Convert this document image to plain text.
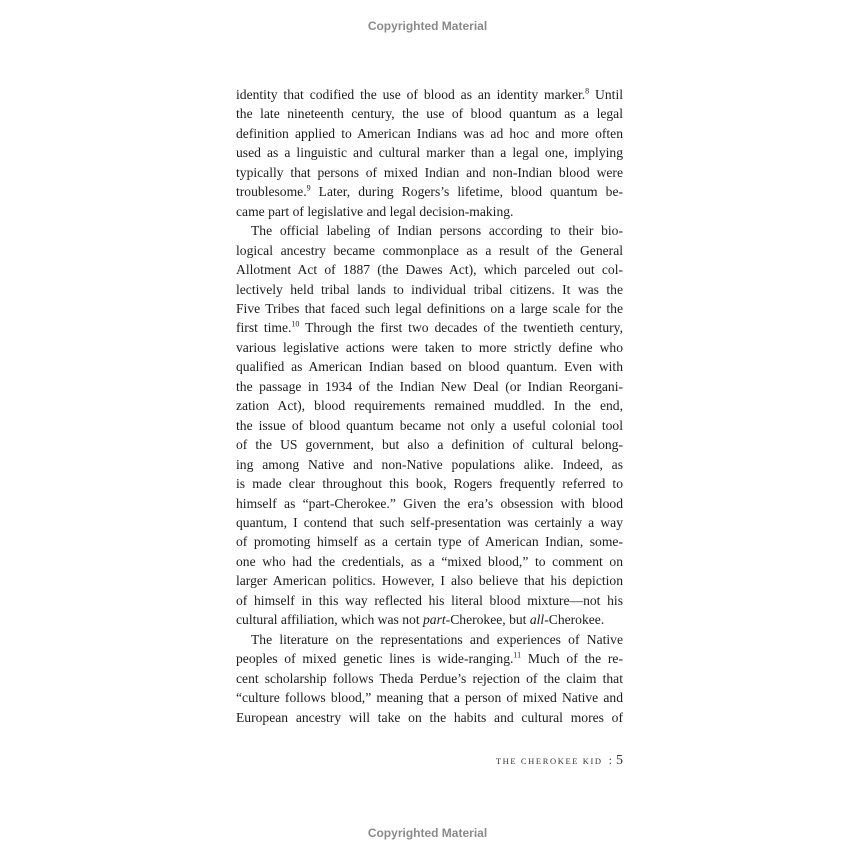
Copyrighted Material

identity that codified the use of blood as an identity marker.$^8$ Until
the late nineteenth century, the use of blood quantum as a legal
definition applied to American Indians was ad hoc and more often
used as a linguistic and cultural marker than a legal one, implying
typically that persons of mixed Indian and non-Indian blood were
troublesome.$^9$ Later, during Rogers’s lifetime, blood quantum be-
came part of legislative and legal decision-making.

The official labeling of Indian persons according to their bio-
logical ancestry became commonplace as a result of the General
Allotment Act of 1887 (the Dawes Act), which parceled out col-
lectively held tribal lands to individual tribal citizens. It was the
Five Tribes that faced such legal definitions on a large scale for the
first time.$^{10}$ Through the first two decades of the twentieth century,
various legislative actions were taken to more strictly define who
qualified as American Indian based on blood quantum. Even with
the passage in 1934 of the Indian New Deal (or Indian Reorgani-
zation Act), blood requirements remained muddled. In the end,
the issue of blood quantum became not only a useful colonial tool
of the US government, but also a definition of cultural belong-
ing among Native and non-Native populations alike. Indeed, as
is made clear throughout this book, Rogers frequently referred to
himself as “part-Cherokee.” Given the era’s obsession with blood
quantum, I contend that such self-presentation was certainly a way
of promoting himself as a certain type of American Indian, some-
one who had the credentials, as a “mixed blood,” to comment on
larger American politics. However, I also believe that his depiction
of himself in this way reflected his literal blood mixture—not his
cultural affiliation, which was not part-Cherokee, but all-Cherokee.

The literature on the representations and experiences of Native
peoples of mixed genetic lines is wide-ranging.$^{11}$ Much of the re-
cent scholarship follows Theda Perdue’s rejection of the claim that
“culture follows blood,” meaning that a person of mixed Native and
European ancestry will take on the habits and cultural mores of

THE CHEROKEE KID : 5
Copyrighted Material
